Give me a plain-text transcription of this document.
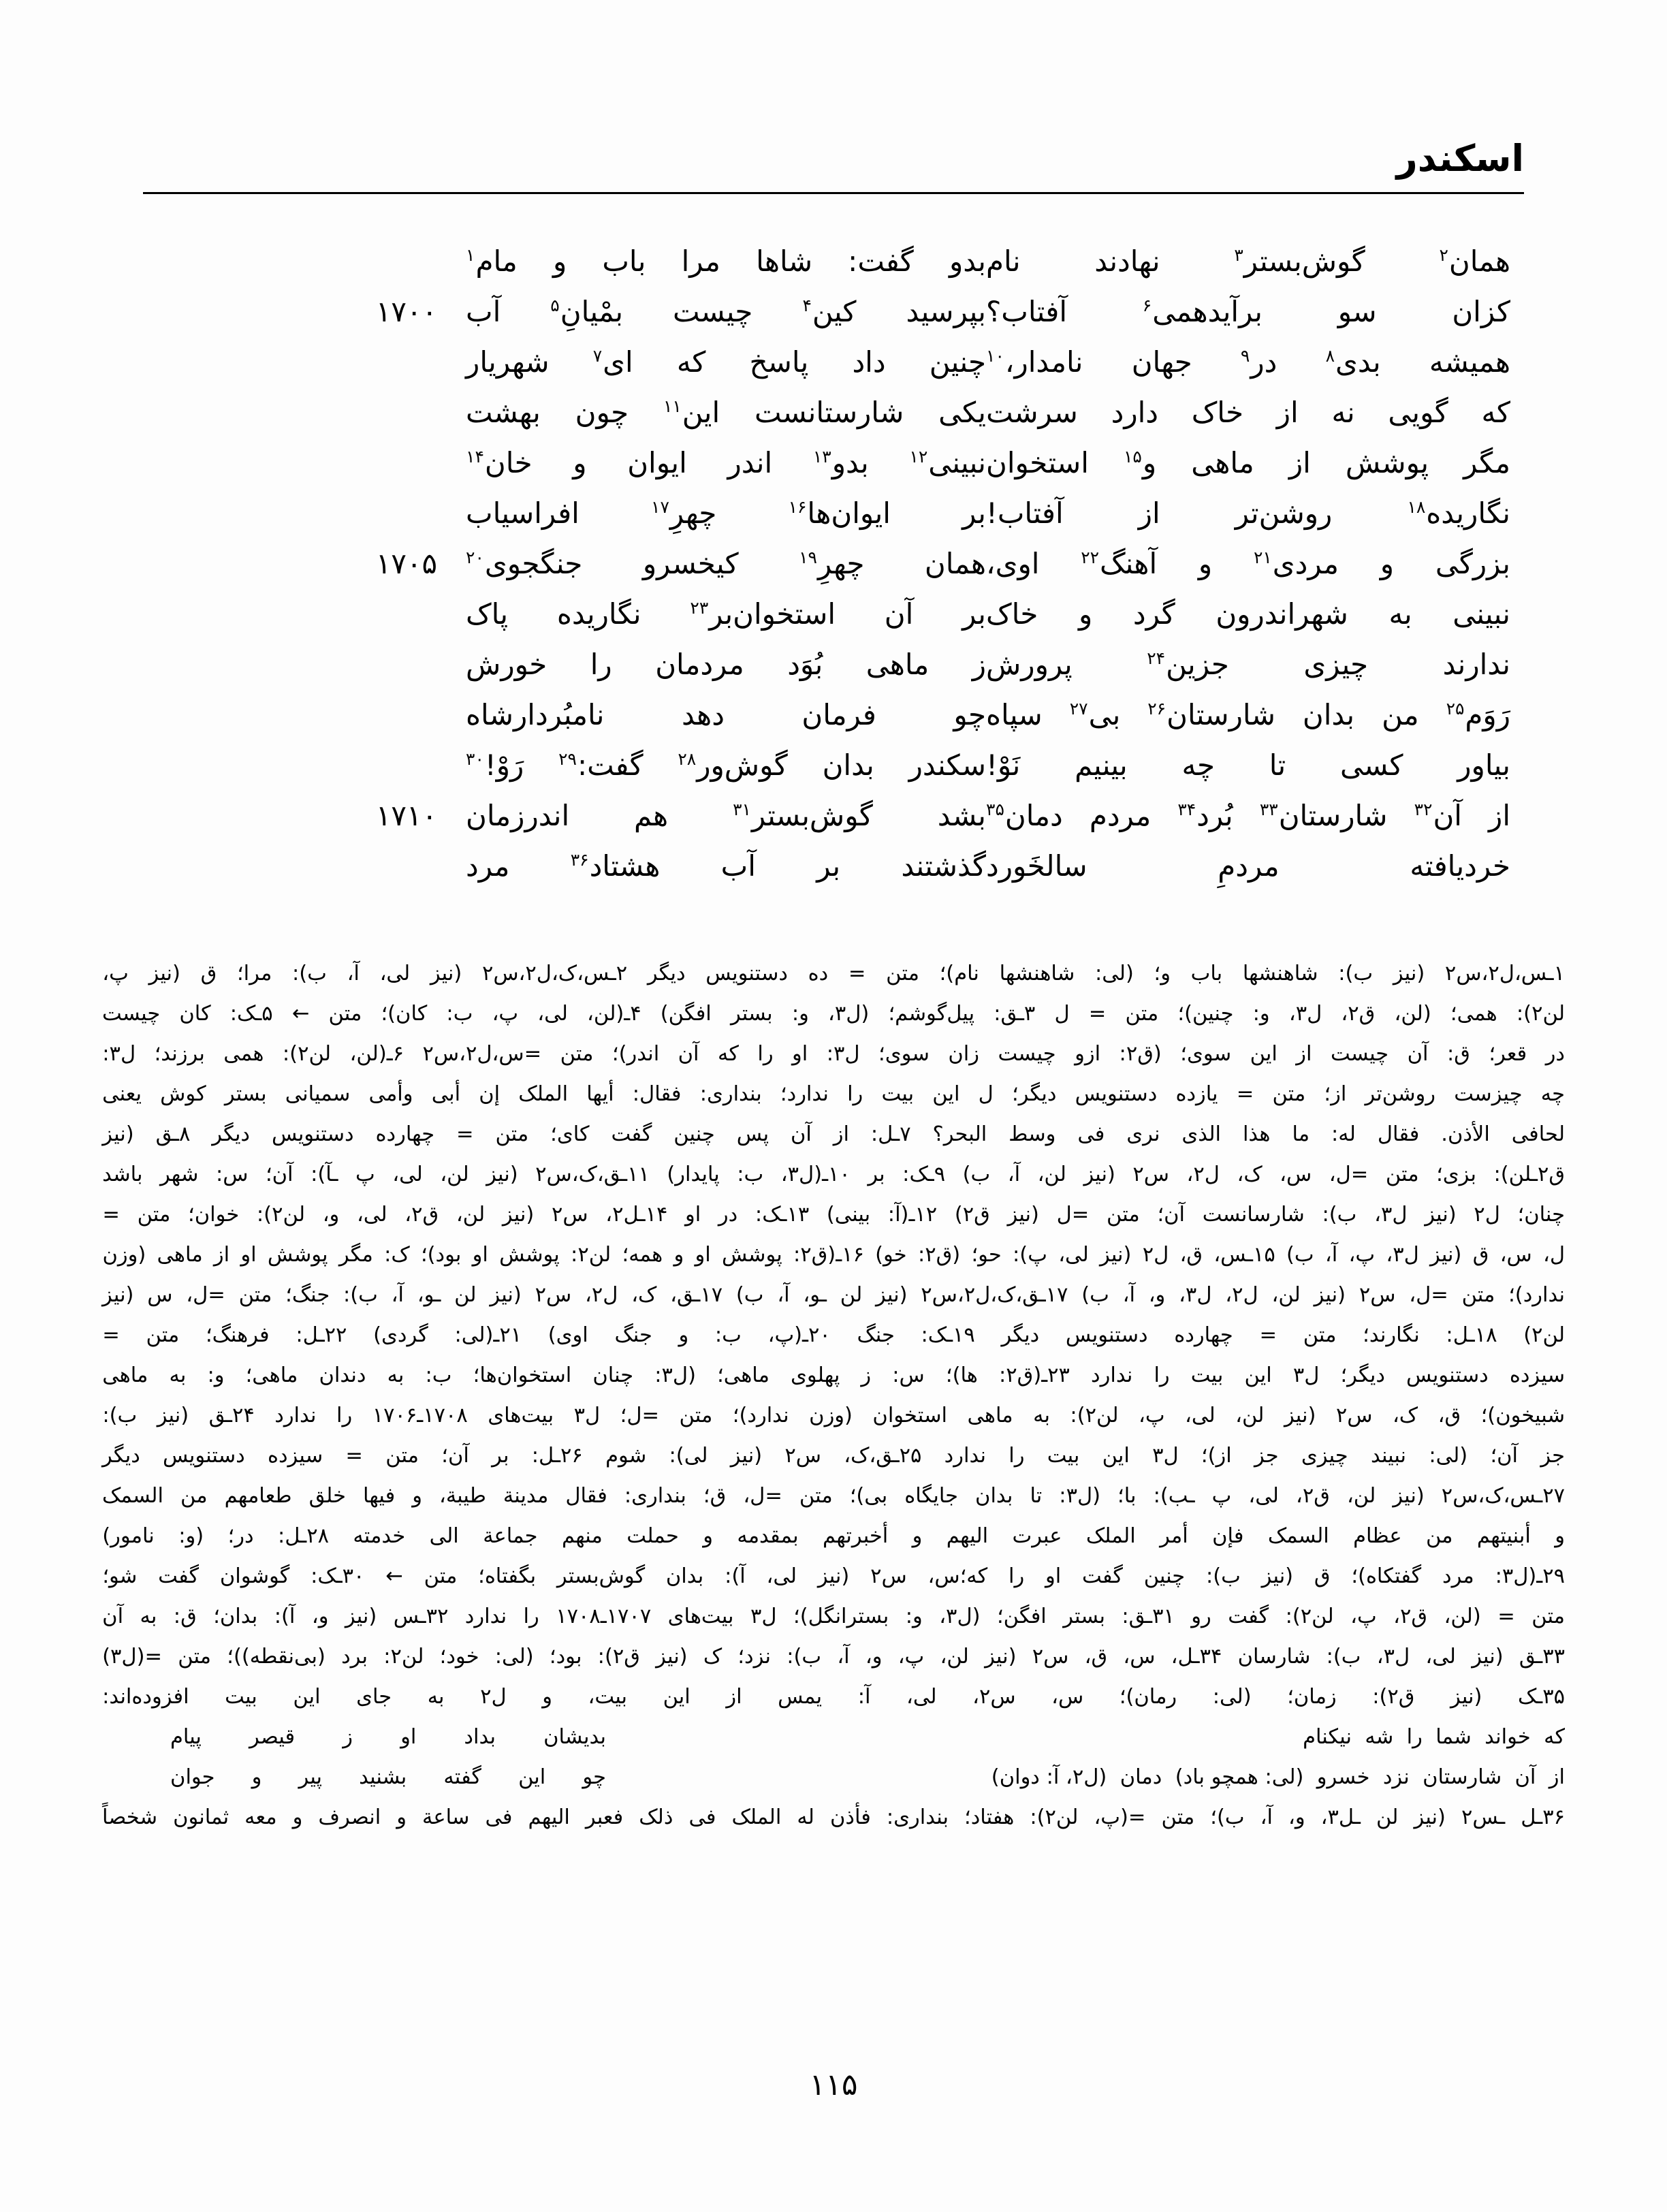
اسکندر
همان$^۲$
گوش‌بستر$^۳$
نهادند
نام
بدو
گفت:
شاها
مرا
باب
و
مام$^۱$
کزان
سو
برآیدهمی$^۶$
آفتاب؟
بپرسید
کین$^۴$
چیست
بمْیانِ$^۵$
آب
۱۷۰۰
همیشه
بدی$^۸$
در$^۹$
جهان
نامدار،$^{۱۰}$
چنین
داد
پاسخ
که
ای$^۷$
شهریار
که
گویی
نه
از
خاک
دارد
سرشت
یکی
شارستانست
این$^{۱۱}$
چون
بهشت
مگر
پوشش
از
ماهی
و$^{۱۵}$
استخوان
نبینی$^{۱۲}$
بدو$^{۱۳}$
اندر
ایوان
و
خان$^{۱۴}$
نگاریده$^{۱۸}$
روشن‌تر
از
آفتاب!
بر
ایوان‌ها$^{۱۶}$
چهرِ$^{۱۷}$
افراسیاب
بزرگی
و
مردی$^{۲۱}$
و
آهنگ$^{۲۲}$
اوی،
همان
چهرِ$^{۱۹}$
کیخسرو
جنگجوی$^{۲۰}$
۱۷۰۵
نبینی
به
شهراندرون
گرد
و
خاک
بر
آن
استخوان‌بر$^{۲۳}$
نگاریده
پاک
ندارند
چیزی
جزین$^{۲۴}$
پرورش
ز
ماهی
بُوَد
مردمان
را
خورش
رَوَم$^{۲۵}$
من
بدان
شارستان$^{۲۶}$
بی$^{۲۷}$
سپاه
چو
فرمان
دهد
نامبُردارشاه
بیاور
کسی
تا
چه
بینیم
نَوْ!
سکندر
بدان
گوش‌ور$^{۲۸}$
گفت:$^{۲۹}$
رَوْ!$^{۳۰}$
از
آن$^{۳۲}$
شارستان$^{۳۳}$
بُرد$^{۳۴}$
مردم
دمان$^{۳۵}$
بشد
گوش‌بستر$^{۳۱}$
هم
اندرزمان
۱۷۱۰
خردیافته
مردمِ
سالخَورد
گذشتند
بر
آب
هشتاد$^{۳۶}$
مرد
۱ـس،ل۲،س۲
(نیز
ب):
شاهنشها
باب
و؛
(لی:
شاهنشها
نام)؛
متن
=
ده
دستنویس
دیگر
۲ـس،ک،ل۲،س۲
(نیز
لی،
آ،
ب):
مرا؛
ق
(نیز
پ،
لن۲):
همی؛
(لن،
ق۲،
ل۳،
و:
چنین)؛
متن
=
ل
۳ـق:
پیل‌گوشم؛
(ل۳،
و:
بستر
افگن)
۴ـ(لن،
لی،
پ،
ب:
کان)؛
متن
←
۵ـک:
کان
چیست
در
قعر؛
ق:
آن
چیست
از
این
سوی؛
(ق۲:
ازو
چیست
زان
سوی؛
ل۳:
او
را
که
آن
اندر)؛
متن
=س،ل۲،س۲
۶ـ(لن،
لن۲):
همی
برزند؛
ل۳:
چه
چیزست
روشن‌تر
از؛
متن
=
یازده
دستنویس
دیگر؛
ل
این
بیت
را
ندارد؛
بنداری:
فقال:
أیها
الملک
إن
أبی
وأمی
سمیانی
بستر
کوش
یعنی
لحافی
الأذن.
فقال
له:
ما
هذا
الذی
نری
فی
وسط
البحر؟
۷ـل:
از
آن
پس
چنین
گفت
کای؛
متن
=
چهارده
دستنویس
دیگر
۸ـق
(نیز
ق۲ـلن):
بزی؛
متن
=ل،
س،
ک،
ل۲،
س۲
(نیز
لن،
آ،
ب)
۹ـک:
بر
۱۰ـ(ل۳،
ب:
پایدار)
۱۱ـق،ک،س۲
(نیز
لن،
لی،
پ
ـآ):
آن؛
س:
شهر
باشد
چنان؛
ل۲
(نیز
ل۳،
ب):
شارسانست
آن؛
متن
=ل
(نیز
ق۲)
۱۲ـ(آ:
بینی)
۱۳ـک:
در
او
۱۴ـل۲،
س۲
(نیز
لن،
ق۲،
لی،
و،
لن۲):
خوان؛
متن
=
ل،
س،
ق
(نیز
ل۳،
پ،
آ،
ب)
۱۵ـس،
ق،
ل۲
(نیز
لی،
پ):
حو؛
(ق۲:
خو)
۱۶ـ(ق۲:
پوشش
او
و
همه؛
لن۲:
پوشش
او
بود)؛
ک:
مگر
پوشش
او
از
ماهی
(وزن
ندارد)؛
متن
=ل،
س۲
(نیز
لن،
ل۲،
ل۳،
و،
آ،
ب)
۱۷ـق،ک،ل۲،س۲
(نیز
لن
ـو،
آ،
ب)
۱۷ـق،
ک،
ل۲،
س۲
(نیز
لن
ـو،
آ،
ب):
جنگ؛
متن
=ل،
س
(نیز
لن۲)
۱۸ـل:
نگارند؛
متن
=
چهارده
دستنویس
دیگر
۱۹ـک:
جنگ
۲۰ـ(پ،
ب:
و
جنگ
اوی)
۲۱ـ(لی:
گردی)
۲۲ـل:
فرهنگ؛
متن
=
سیزده
دستنویس
دیگر؛
ل۳
این
بیت
را
ندارد
۲۳ـ(ق۲:
ها)؛
س:
ز
پهلوی
ماهی؛
(ل۳:
چنان
استخوان‌ها؛
ب:
به
دندان
ماهی؛
و:
به
ماهی
شبیخون)؛
ق،
ک،
س۲
(نیز
لن،
لی،
پ،
لن۲):
به
ماهی
استخوان
(وزن
ندارد)؛
متن
=ل؛
ل۳
بیت‌های
۱۷۰۸ـ۱۷۰۶
را
ندارد
۲۴ـق
(نیز
ب):
جز
آن؛
(لی:
نبیند
چیزی
جز
از)؛
ل۳
این
بیت
را
ندارد
۲۵ـق،ک،
س۲
(نیز
لی):
شوم
۲۶ـل:
بر
آن؛
متن
=
سیزده
دستنویس
دیگر
۲۷ـس،ک،س۲
(نیز
لن،
ق۲،
لی،
پ
ـب):
با؛
(ل۳:
تا
بدان
جایگاه
بی)؛
متن
=ل،
ق؛
بنداری:
فقال
مدینة
طیبة،
و
فیها
خلق
طعامهم
من
السمک
و
أبنیتهم
من
عظام
السمک
فإن
أمر
الملک
عبرت
الیهم
و
أخبرتهم
بمقدمه
و
حملت
منهم
جماعة
الی
خدمته
۲۸ـل:
در؛
(و:
نامور)
۲۹ـ(ل۳:
مرد
گفتکاه)؛
ق
(نیز
ب):
چنین
گفت
او
را
که؛س،
س۲
(نیز
لی،
آ):
بدان
گوش‌بستر
بگفتاه؛
متن
←
۳۰ـک:
گوشوان
گفت
شو؛
متن
=
(لن،
ق۲،
پ،
لن۲):
گفت
رو
۳۱ـق:
بستر
افگن؛
(ل۳،
و:
بسترانگل)؛
ل۳
بیت‌های
۱۷۰۷ـ۱۷۰۸
را
ندارد
۳۲ـس
(نیز
و،
آ):
بدان؛
ق:
به
آن
۳۳ـق
(نیز
لی،
ل۳،
ب):
شارسان
۳۴ـل،
س،
ق،
س۲
(نیز
لن،
پ،
و،
آ،
ب):
نزد؛
ک
(نیز
ق۲):
بود؛
(لی:
خود؛
لن۲:
برد
(بی‌نقطه))؛
متن
=(ل۳)
۳۵ـک
(نیز
ق۲):
زمان؛
(لی:
رمان)؛
س،
س۲،
لی،
آ:
یمس
از
این
بیت،
و
ل۲
به
جای
این
بیت
افزوده‌اند:
که  خواند  شما  را  شه  نیکنام
بدیشان
بداد
او
ز
قیصر
پیام
از  آن  شارستان  نزد  خسرو  (لی: همچو باد)  دمان  (ل۲، آ: دوان)
چو
این
گفته
بشنید
پیر
و
جوان
۳۶ـل
ـس۲
(نیز
لن
ـل۳،
و،
آ،
ب)؛
متن
=(پ،
لن۲):
هفتاد؛
بنداری:
فأذن
له
الملک
فی
ذلک
فعبر
الیهم
فی
ساعة
و
انصرف
و
معه
ثمانون
شخصاً
۱۱۵
